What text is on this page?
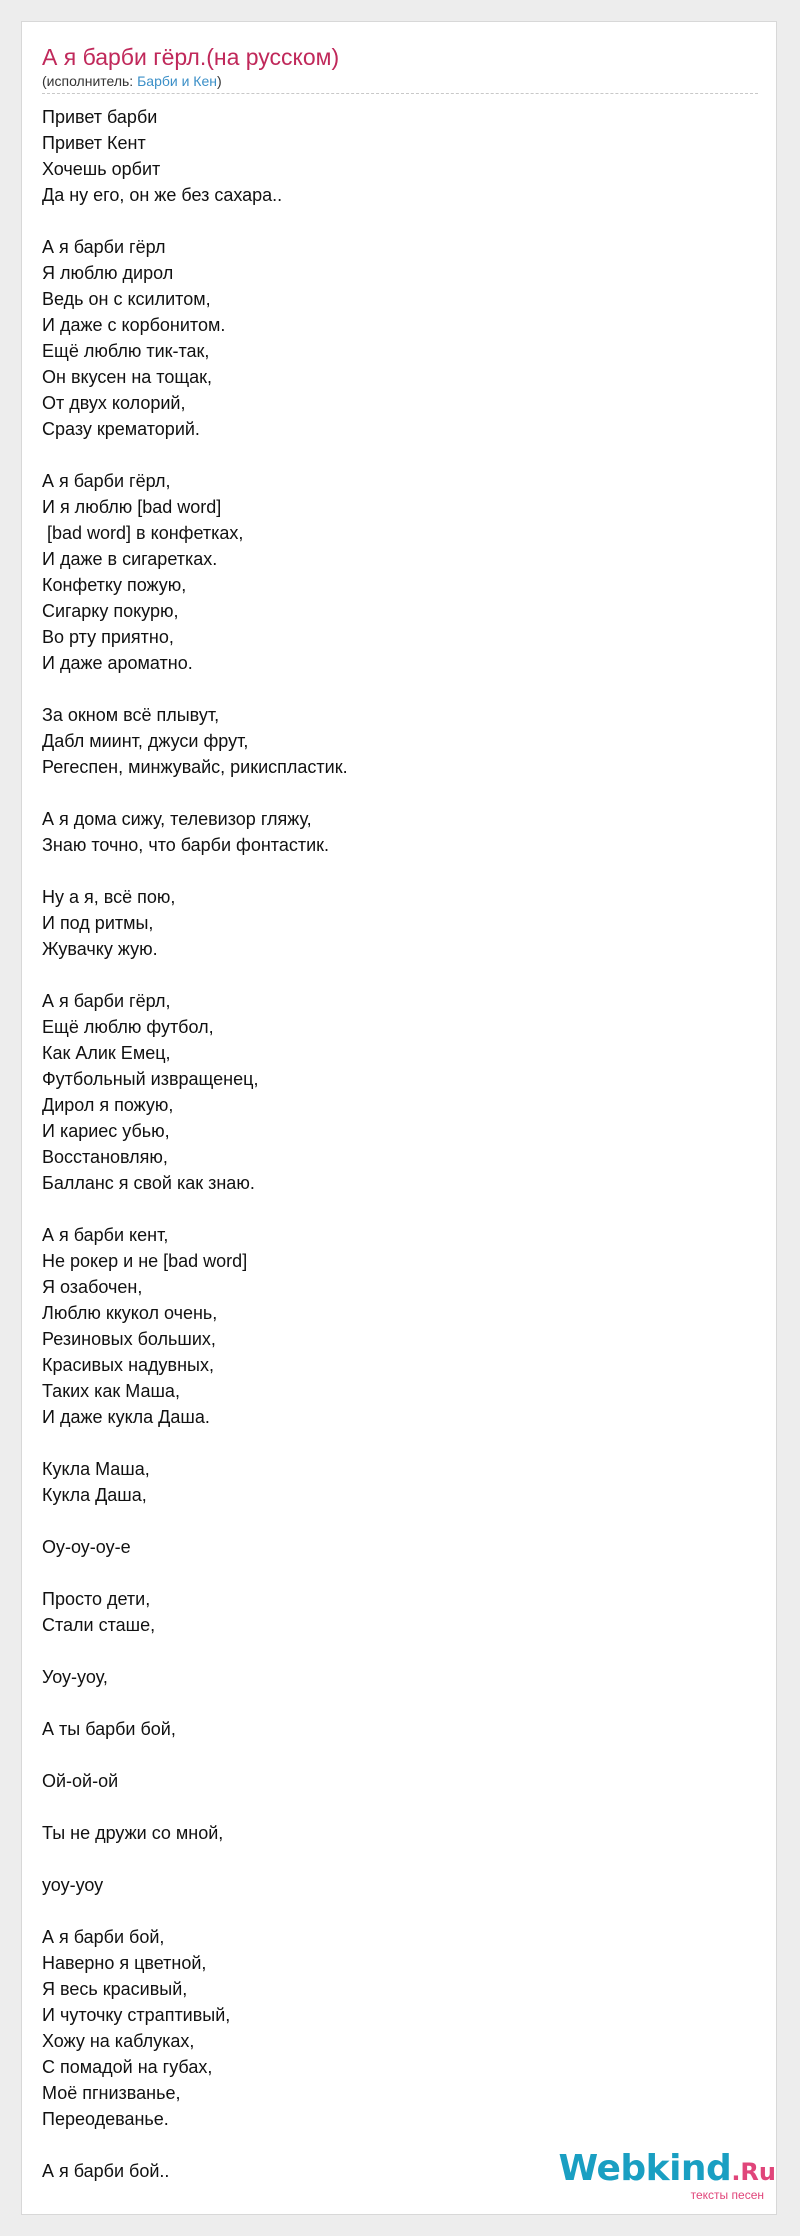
А я барби гёрл.(на русском)
(исполнитель: Барби и Кен)
Привет барби
Привет Кент
Хочешь орбит
Да ну его, он же без сахара..
А я барби гёрл
Я люблю дирол
Ведь он с ксилитом,
И даже с корбонитом.
Ещё люблю тик-так,
Он вкусен на тощак,
От двух колорий,
Сразу крематорий.
А я барби гёрл,
И я люблю [bad word]
[bad word] в конфетках,
И даже в сигаретках.
Конфетку пожую,
Сигарку покурю,
Во рту приятно,
И даже ароматно.
За окном всё плывут,
Дабл миинт, джуси фрут,
Регеспен, минжувайс, рикиспластик.
А я дома сижу, телевизор гляжу,
Знаю точно, что барби фонтастик.
Ну а я, всё пою,
И под ритмы,
Жувачку жую.
А я барби гёрл,
Ещё люблю футбол,
Как Алик Емец,
Футбольный извращенец,
Дирол я пожую,
И кариес убью,
Восстановляю,
Балланс я свой как знаю.
А я барби кент,
Не рокер и не [bad word]
Я озабочен,
Люблю ккукол очень,
Резиновых больших,
Красивых надувных,
Таких как Маша,
И даже кукла Даша.
Кукла Маша,
Кукла Даша,
Оу-оу-оу-е
Просто дети,
Стали сташе,
Уоу-уоу,
А ты барби бой,
Ой-ой-ой
Ты не дружи со мной,
уоу-уоу
А я барби бой,
Наверно я цветной,
Я весь красивый,
И чуточку страптивый,
Хожу на каблуках,
С помадой на губах,
Моё пгнизванье,
Переодеванье.
А я барби бой..	Webkind.Ru
тексты песен
